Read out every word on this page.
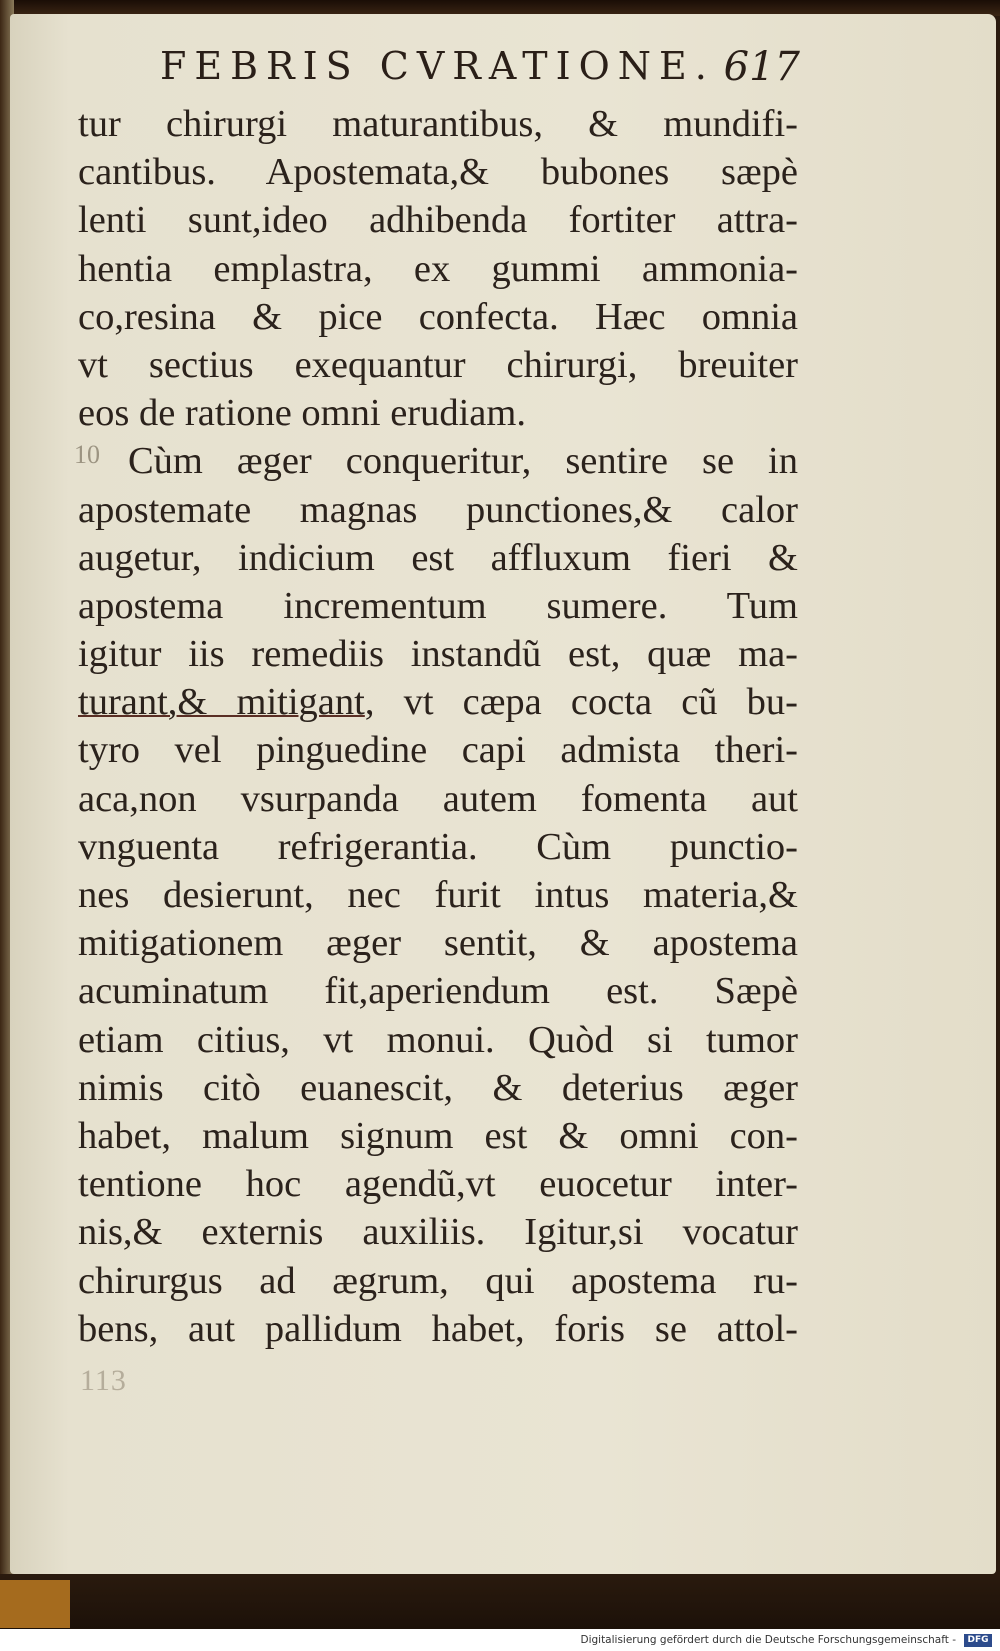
FEBRIS CVRATIONE. 617
10
tur chirurgi maturantibus, & mundifi-
cantibus. Apostemata,& bubones sæpè
lenti sunt,ideo adhibenda fortiter attra-
hentia emplastra, ex gummi ammonia-
co,resina & pice confecta. Hæc omnia
vt sectius exequantur chirurgi, breuiter
eos de ratione omni erudiam.
Cùm æger conqueritur, sentire se in
apostemate magnas punctiones,& calor
augetur, indicium est affluxum fieri &
apostema incrementum sumere. Tum
igitur iis remediis instandũ est, quæ ma-
turant,& mitigant, vt cæpa cocta cũ bu-
tyro vel pinguedine capi admista theri-
aca,non vsurpanda autem fomenta aut
vnguenta refrigerantia. Cùm punctio-
nes desierunt, nec furit intus materia,&
mitigationem æger sentit, & apostema
acuminatum fit,aperiendum est. Sæpè
etiam citius, vt monui. Quòd si tumor
nimis citò euanescit, & deterius æger
habet, malum signum est & omni con-
tentione hoc agendũ,vt euocetur inter-
nis,& externis auxiliis. Igitur,si vocatur
chirurgus ad ægrum, qui apostema ru-
bens, aut pallidum habet, foris se attol-
113
Digitalisierung gefördert durch die Deutsche Forschungsgemeinschaft -	DFG
